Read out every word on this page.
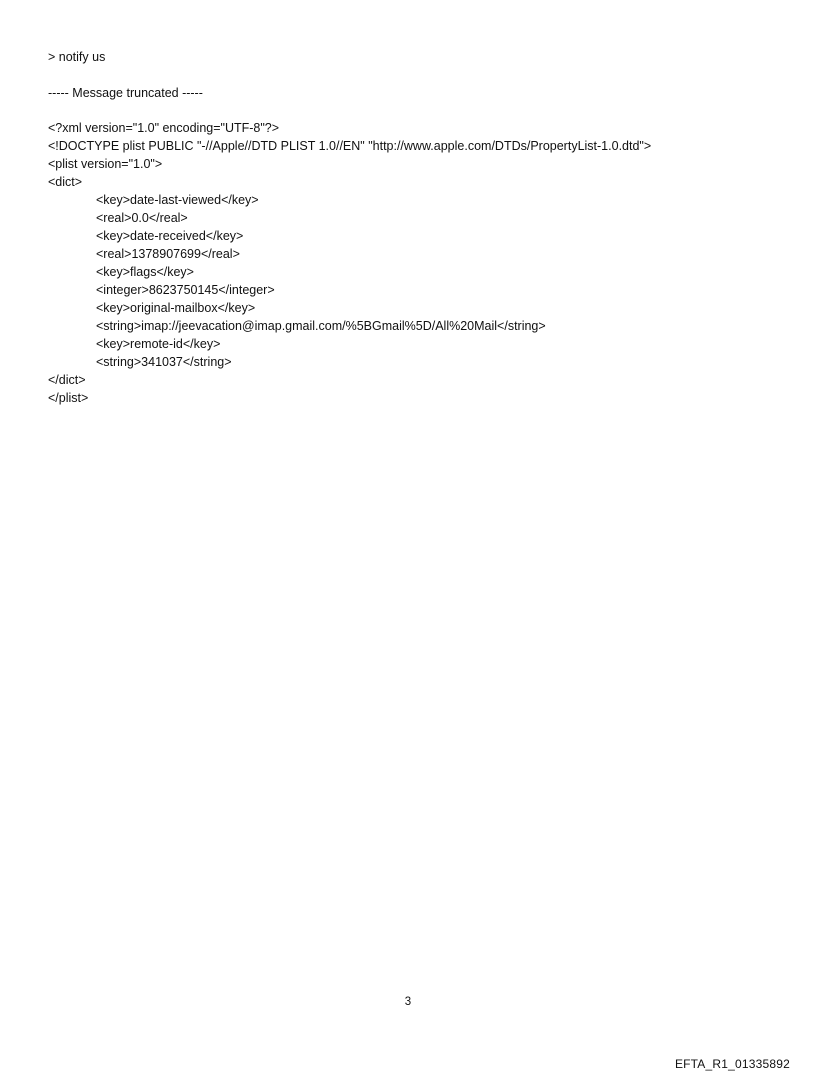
> notify us
----- Message truncated -----
<?xml version="1.0" encoding="UTF-8"?>
<!DOCTYPE plist PUBLIC "-//Apple//DTD PLIST 1.0//EN" "http://www.apple.com/DTDs/PropertyList-1.0.dtd">
<plist version="1.0">
<dict>
<key>date-last-viewed</key>
<real>0.0</real>
<key>date-received</key>
<real>1378907699</real>
<key>flags</key>
<integer>8623750145</integer>
<key>original-mailbox</key>
<string>imap://jeevacation@imap.gmail.com/%5BGmail%5D/All%20Mail</string>
<key>remote-id</key>
<string>341037</string>
</dict>
</plist>
3
EFTA_R1_01335892
